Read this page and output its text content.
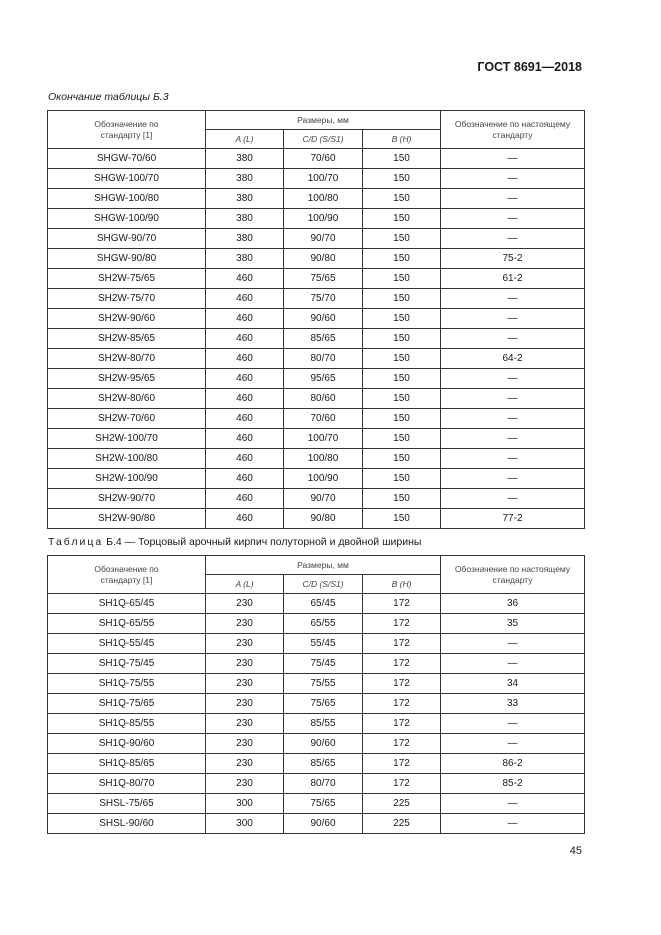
ГОСТ 8691—2018
Окончание таблицы Б.3
Обозначение по стандарту [1]	Размеры, мм			Обозначение по настоящему стандарту
	A (L)	C/D (S/S1)	B (H)	
SHGW-70/60	380	70/60	150	—
SHGW-100/70	380	100/70	150	—
SHGW-100/80	380	100/80	150	—
SHGW-100/90	380	100/90	150	—
SHGW-90/70	380	90/70	150	—
SHGW-90/80	380	90/80	150	75-2
SH2W-75/65	460	75/65	150	61-2
SH2W-75/70	460	75/70	150	—
SH2W-90/60	460	90/60	150	—
SH2W-85/65	460	85/65	150	—
SH2W-80/70	460	80/70	150	64-2
SH2W-95/65	460	95/65	150	—
SH2W-80/60	460	80/60	150	—
SH2W-70/60	460	70/60	150	—
SH2W-100/70	460	100/70	150	—
SH2W-100/80	460	100/80	150	—
SH2W-100/90	460	100/90	150	—
SH2W-90/70	460	90/70	150	—
SH2W-90/80	460	90/80	150	77-2
Таблица Б.4 — Торцовый арочный кирпич полуторной и двойной ширины
Обозначение по стандарту [1]	Размеры, мм			Обозначение по настоящему стандарту
	A (L)	C/D (S/S1)	B (H)	
SH1Q-65/45	230	65/45	172	36
SH1Q-65/55	230	65/55	172	35
SH1Q-55/45	230	55/45	172	—
SH1Q-75/45	230	75/45	172	—
SH1Q-75/55	230	75/55	172	34
SH1Q-75/65	230	75/65	172	33
SH1Q-85/55	230	85/55	172	—
SH1Q-90/60	230	90/60	172	—
SH1Q-85/65	230	85/65	172	86-2
SH1Q-80/70	230	80/70	172	85-2
SHSL-75/65	300	75/65	225	—
SHSL-90/60	300	90/60	225	—
45
